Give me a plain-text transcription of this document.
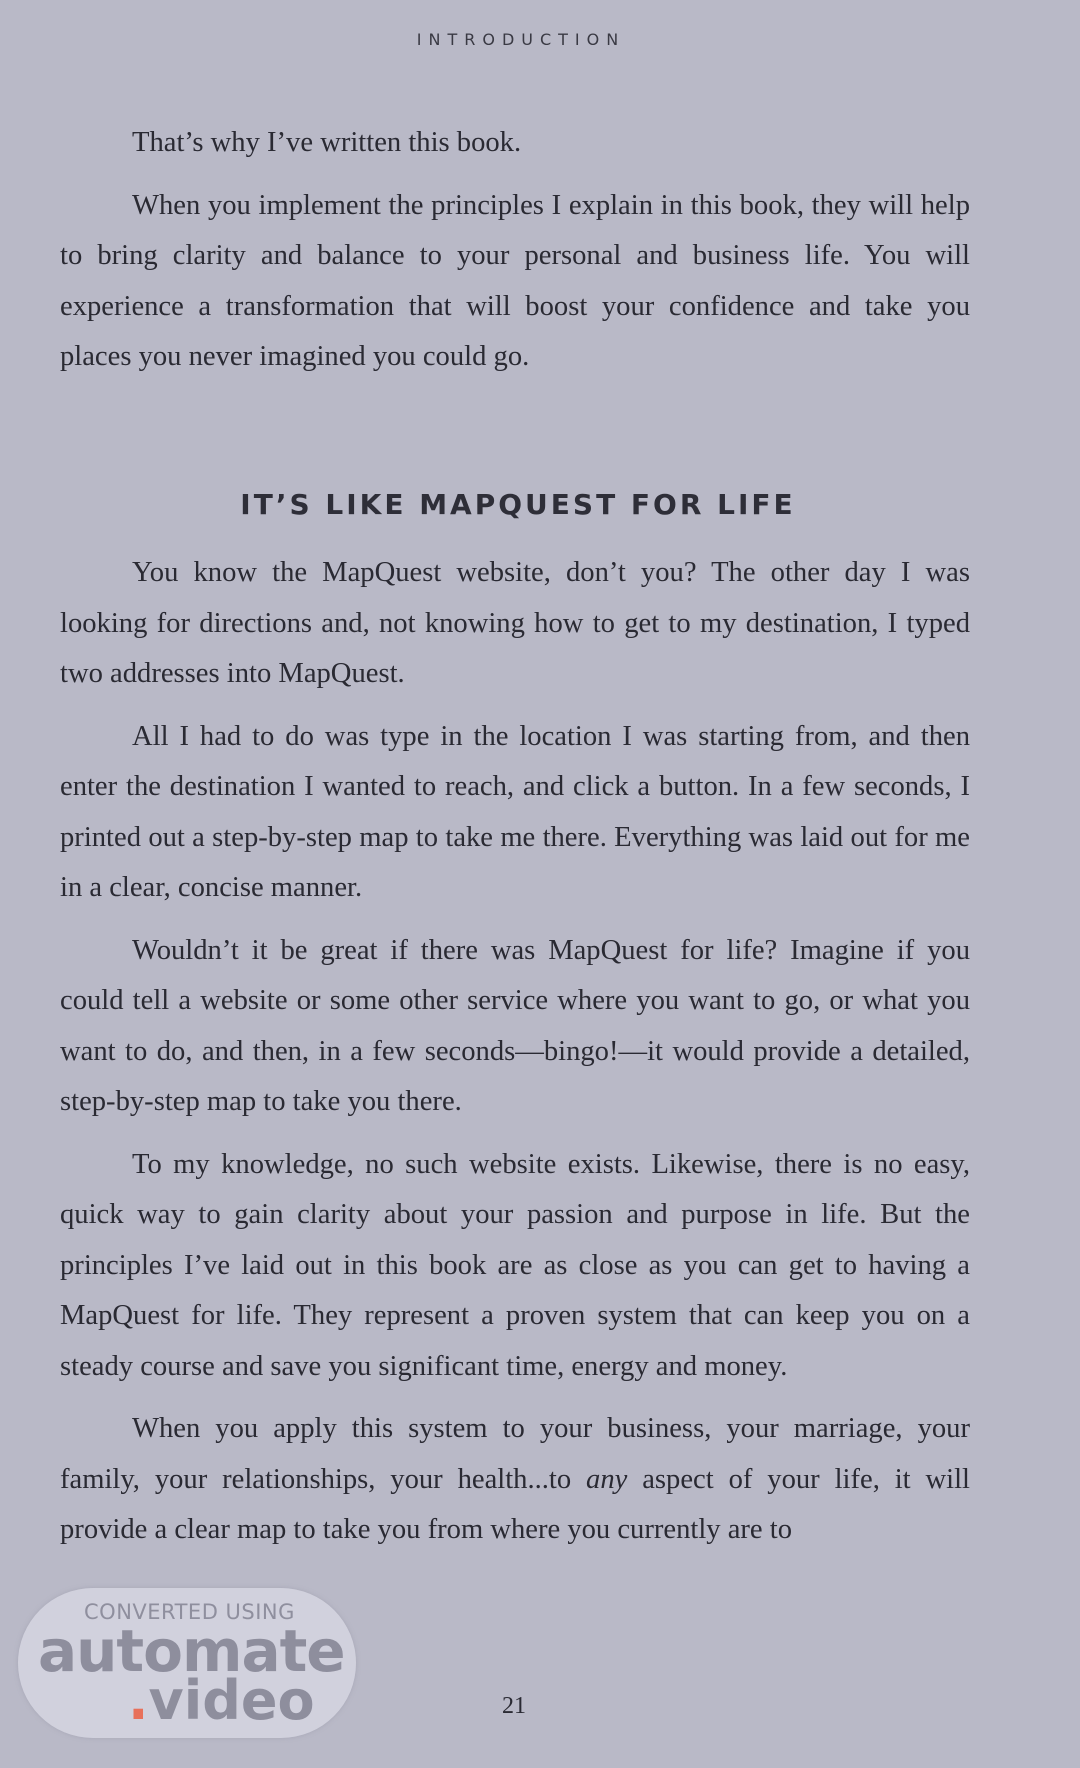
INTRODUCTION

That’s why I’ve written this book.

When you implement the principles I explain in this book, they will help to bring clarity and balance to your personal and business life. You will experience a transformation that will boost your confidence and take you places you never imagined you could go.

IT’S LIKE MAPQUEST FOR LIFE

You know the MapQuest website, don’t you? The other day I was looking for directions and, not knowing how to get to my destination, I typed two addresses into MapQuest.

All I had to do was type in the location I was starting from, and then enter the destination I wanted to reach, and click a button. In a few seconds, I printed out a step-by-step map to take me there. Everything was laid out for me in a clear, concise manner.

Wouldn’t it be great if there was MapQuest for life? Imagine if you could tell a website or some other service where you want to go, or what you want to do, and then, in a few seconds—bingo!—it would provide a detailed, step-by-step map to take you there.

To my knowledge, no such website exists. Likewise, there is no easy, quick way to gain clarity about your passion and purpose in life. But the principles I’ve laid out in this book are as close as you can get to having a MapQuest for life. They represent a proven system that can keep you on a steady course and save you significant time, energy and money.

When you apply this system to your business, your marriage, your family, your relationships, your health...to any aspect of your life, it will provide a clear map to take you from where you currently are to

21
CONVERTED USING
automate
.video
